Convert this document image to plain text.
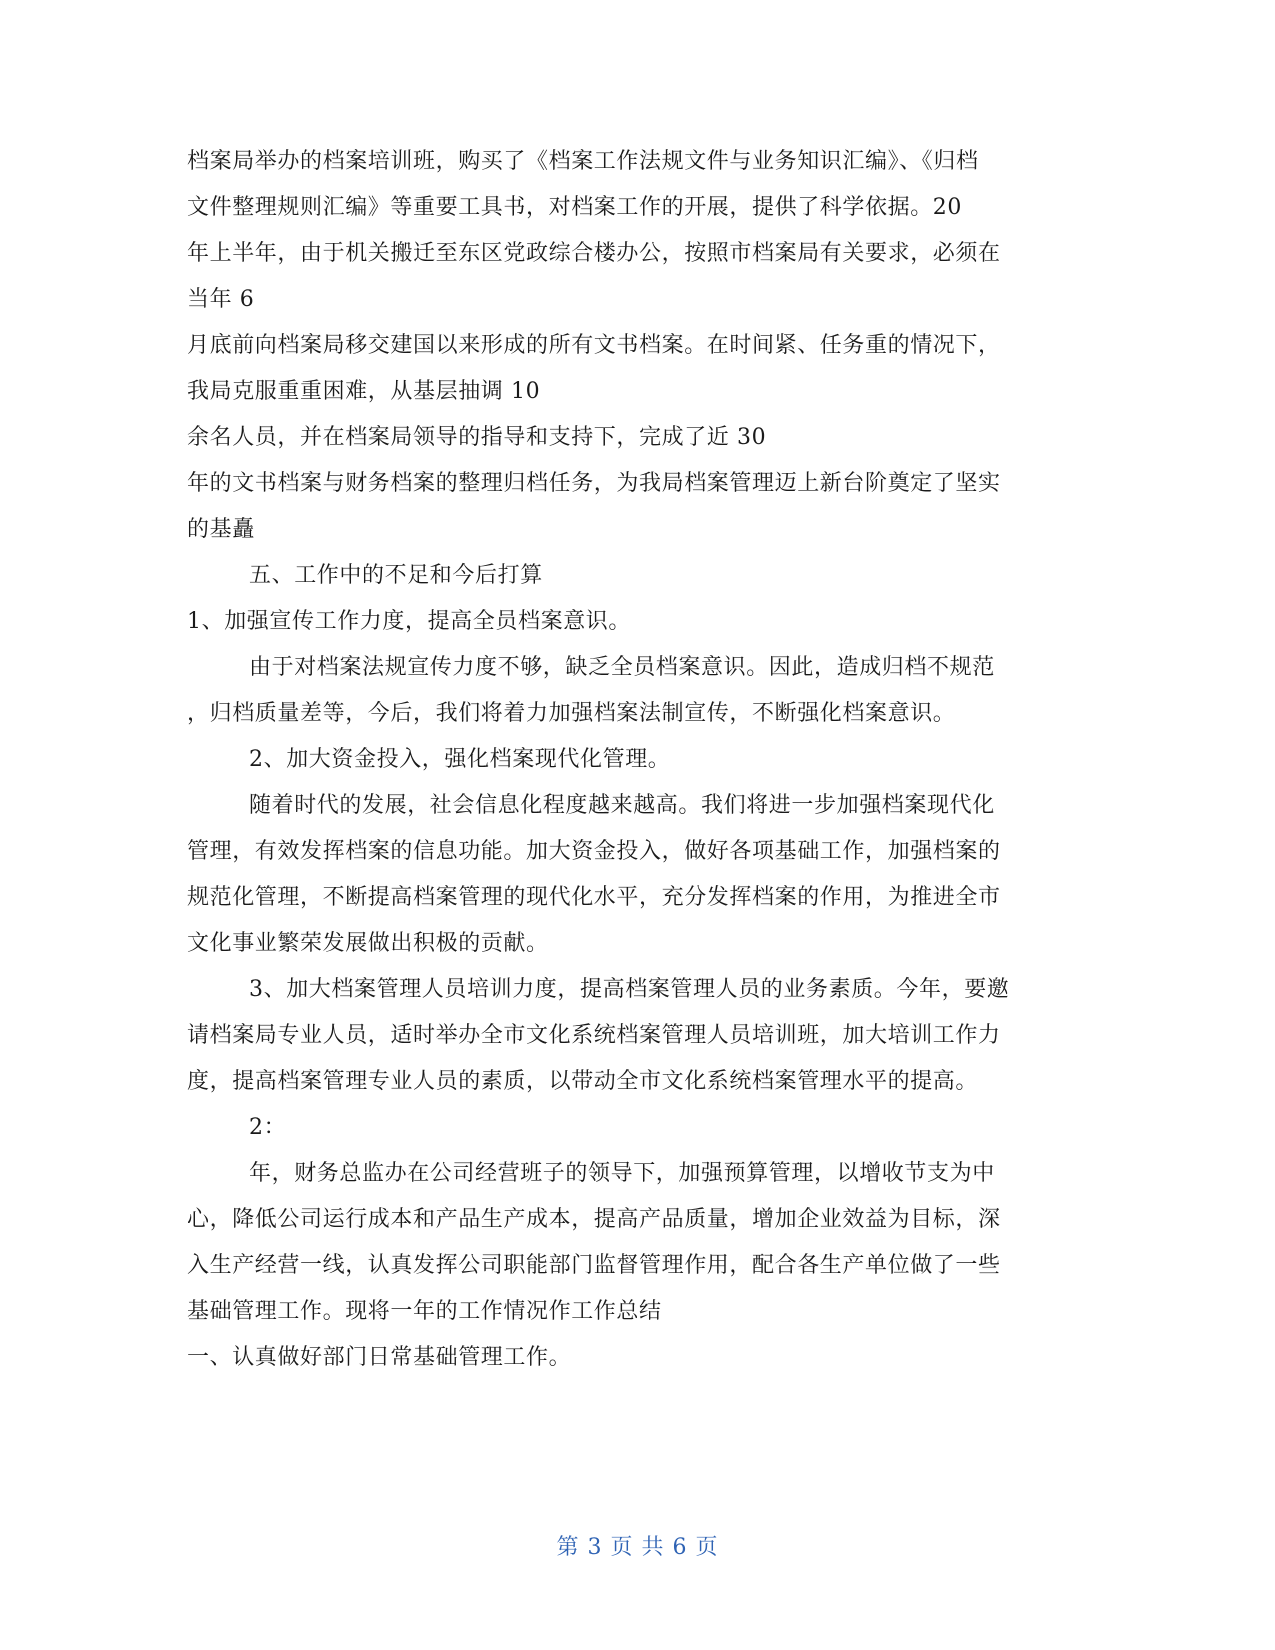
档案局举办的档案培训班，购买了《档案工作法规文件与业务知识汇编》、《归档
文件整理规则汇编》等重要工具书，对档案工作的开展，提供了科学依据。20
年上半年，由于机关搬迁至东区党政综合楼办公，按照市档案局有关要求，必须在
当年 6
月底前向档案局移交建国以来形成的所有文书档案。在时间紧、任务重的情况下，
我局克服重重困难，从基层抽调 10
余名人员，并在档案局领导的指导和支持下，完成了近 30
年的文书档案与财务档案的整理归档任务，为我局档案管理迈上新台阶奠定了坚实
的基矗
五、工作中的不足和今后打算
1、加强宣传工作力度，提高全员档案意识。
由于对档案法规宣传力度不够，缺乏全员档案意识。因此，造成归档不规范
，归档质量差等，今后，我们将着力加强档案法制宣传，不断强化档案意识。
2、加大资金投入，强化档案现代化管理。
随着时代的发展，社会信息化程度越来越高。我们将进一步加强档案现代化
管理，有效发挥档案的信息功能。加大资金投入，做好各项基础工作，加强档案的
规范化管理，不断提高档案管理的现代化水平，充分发挥档案的作用，为推进全市
文化事业繁荣发展做出积极的贡献。
3、加大档案管理人员培训力度，提高档案管理人员的业务素质。今年，要邀
请档案局专业人员，适时举办全市文化系统档案管理人员培训班，加大培训工作力
度，提高档案管理专业人员的素质，以带动全市文化系统档案管理水平的提高。
2：
年，财务总监办在公司经营班子的领导下，加强预算管理，以增收节支为中
心，降低公司运行成本和产品生产成本，提高产品质量，增加企业效益为目标，深
入生产经营一线，认真发挥公司职能部门监督管理作用，配合各生产单位做了一些
基础管理工作。现将一年的工作情况作工作总结
一、认真做好部门日常基础管理工作。
第 3 页 共 6 页
